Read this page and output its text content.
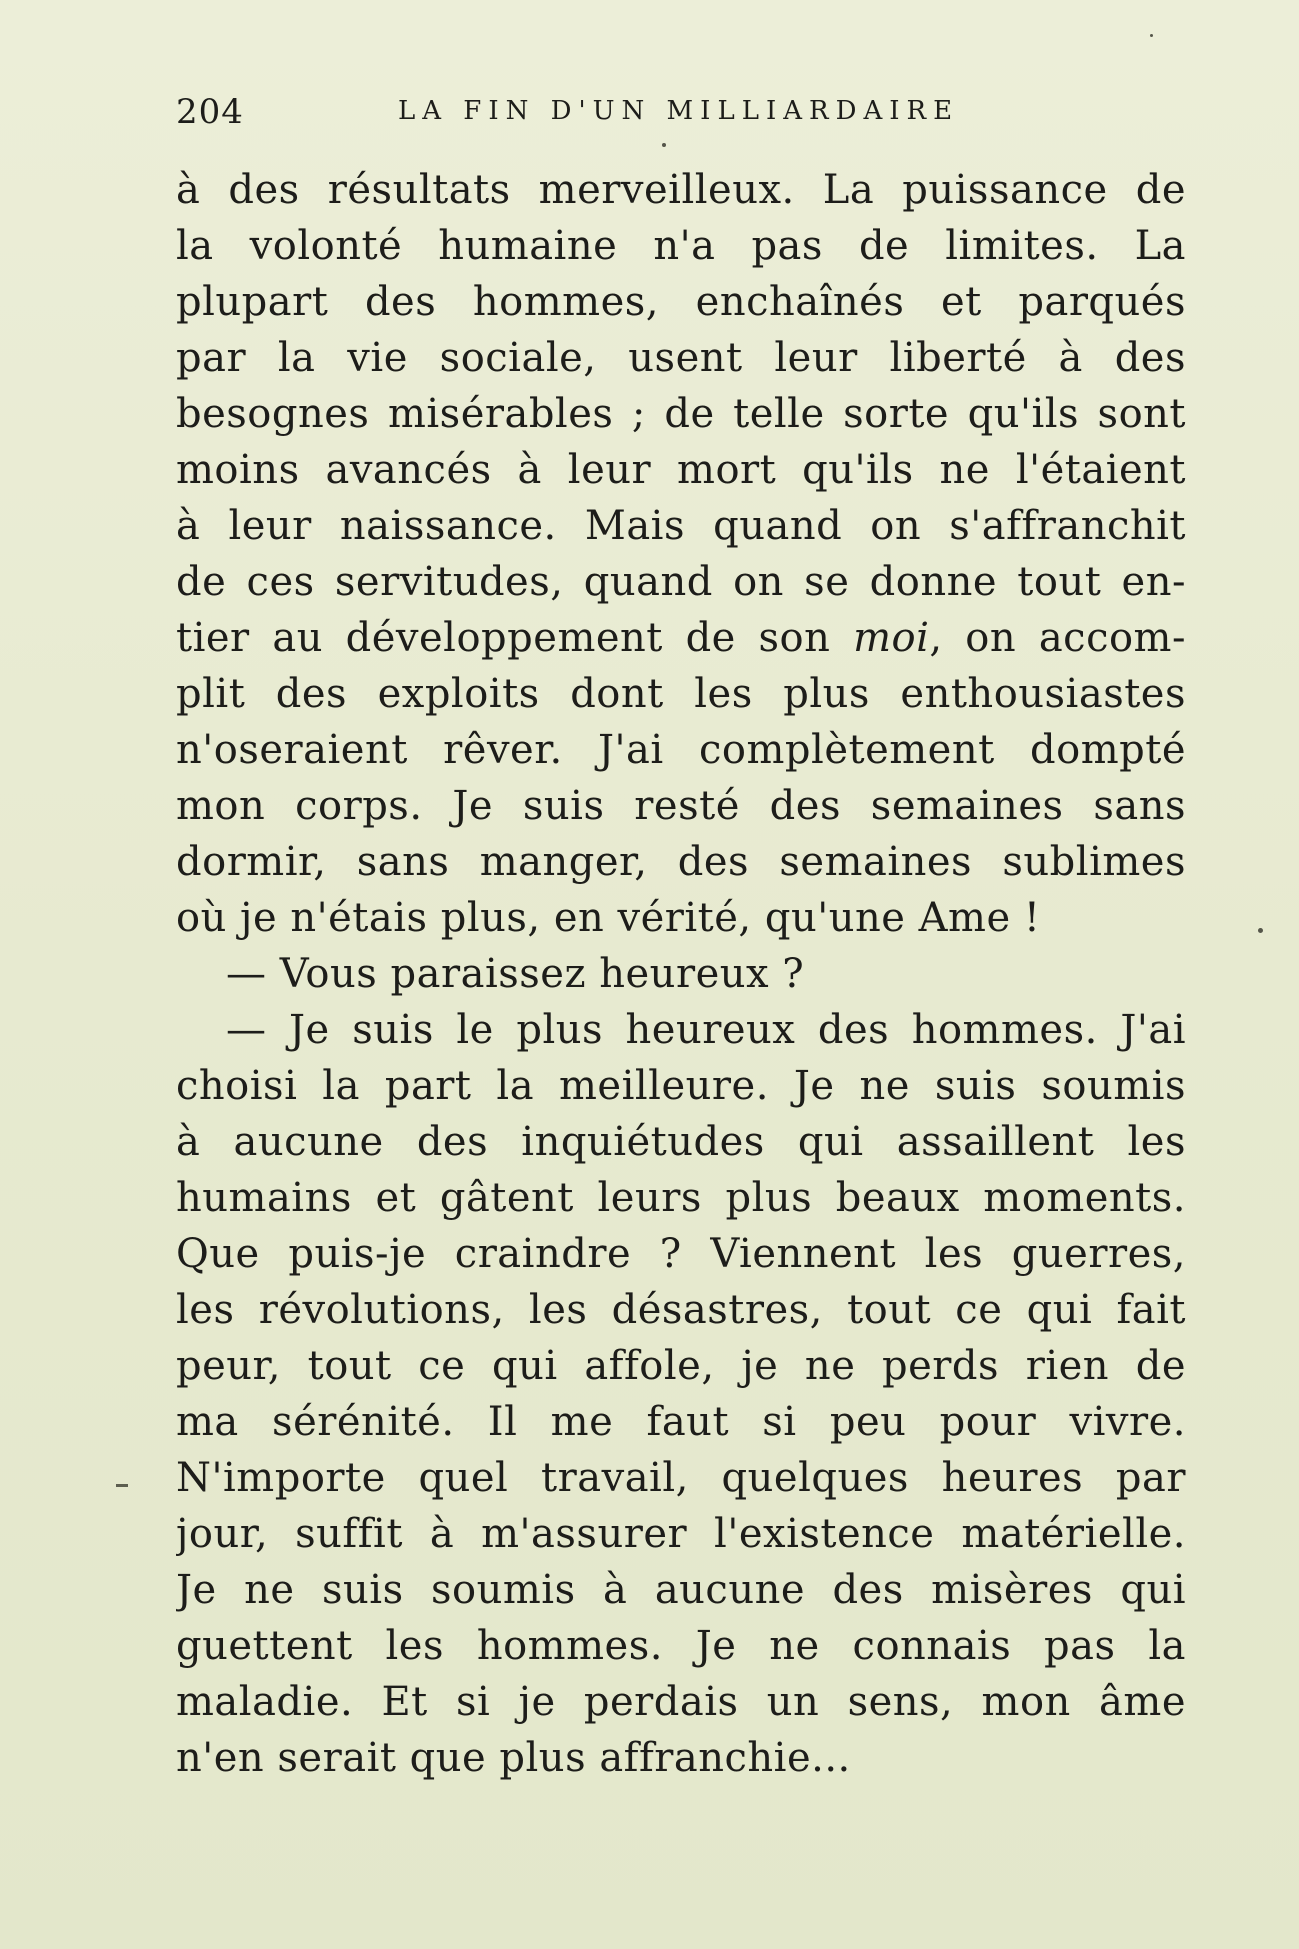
204	LA FIN D'UN MILLIARDAIRE
à des résultats merveilleux. La puissance de
la volonté humaine n'a pas de limites. La
plupart des hommes, enchaînés et parqués
par la vie sociale, usent leur liberté à des
besognes misérables ; de telle sorte qu'ils sont
moins avancés à leur mort qu'ils ne l'étaient
à leur naissance. Mais quand on s'affranchit
de ces servitudes, quand on se donne tout en-
tier au développement de son moi, on accom-
plit des exploits dont les plus enthousiastes
n'oseraient rêver. J'ai complètement dompté
mon corps. Je suis resté des semaines sans
dormir, sans manger, des semaines sublimes
où je n'étais plus, en vérité, qu'une Ame !
— Vous paraissez heureux ?
— Je suis le plus heureux des hommes. J'ai
choisi la part la meilleure. Je ne suis soumis
à aucune des inquiétudes qui assaillent les
humains et gâtent leurs plus beaux moments.
Que puis-je craindre ? Viennent les guerres,
les révolutions, les désastres, tout ce qui fait
peur, tout ce qui affole, je ne perds rien de
ma sérénité. Il me faut si peu pour vivre.
N'importe quel travail, quelques heures par
jour, suffit à m'assurer l'existence matérielle.
Je ne suis soumis à aucune des misères qui
guettent les hommes. Je ne connais pas la
maladie. Et si je perdais un sens, mon âme
n'en serait que plus affranchie...
